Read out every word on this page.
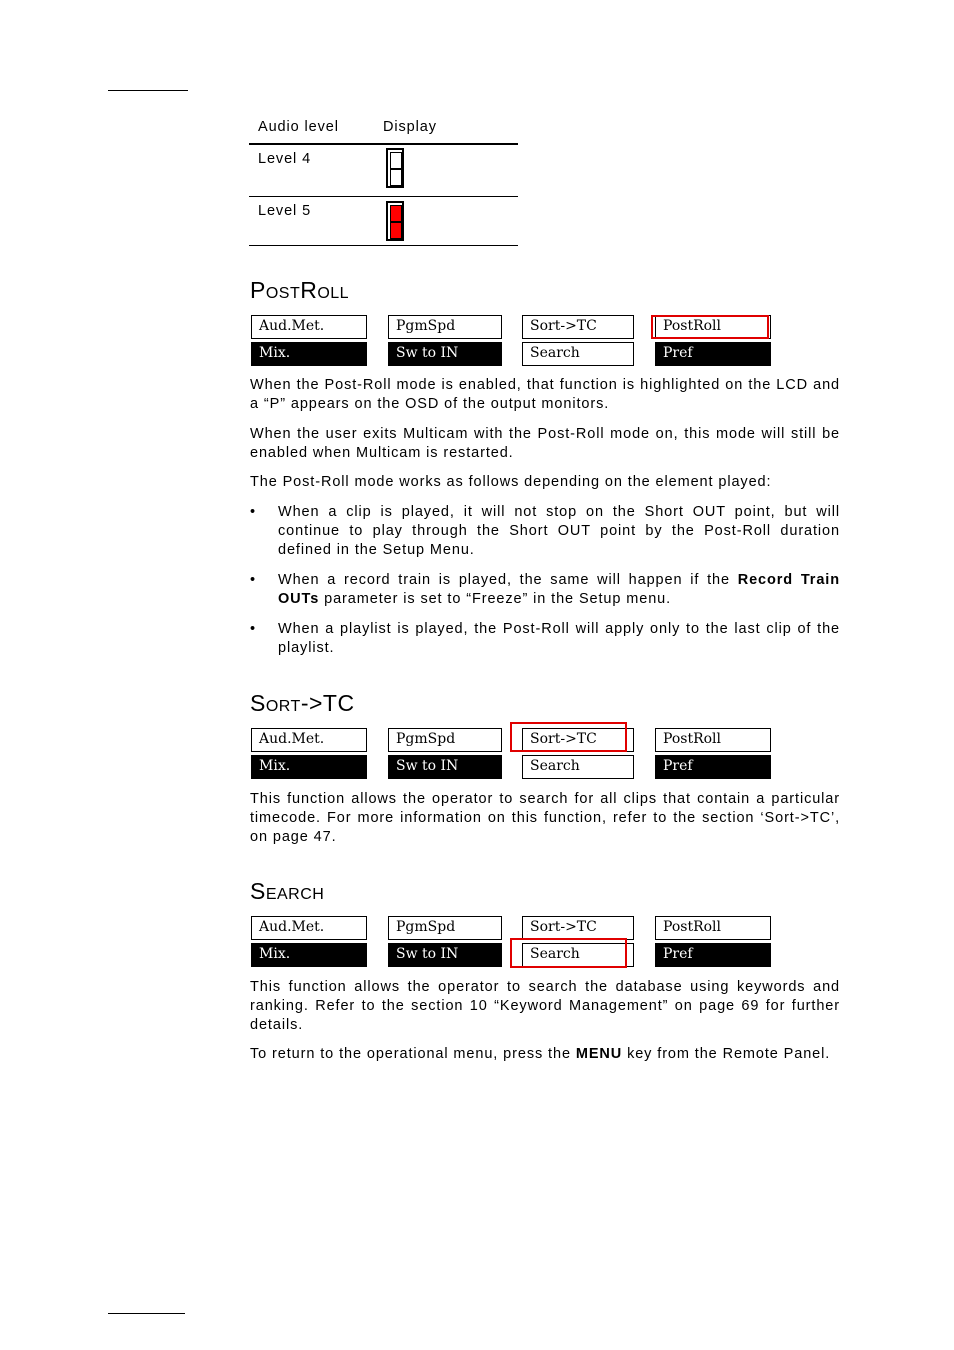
Audio level	Display
Level 4
Level 5
PostRoll
Aud.Met.	PgmSpd	Sort->TC	PostRoll
Mix.	Sw to IN	Search	Pref

When the Post-Roll mode is enabled, that function is highlighted on the LCD and a “P” appears on the OSD of the output monitors.

When the user exits Multicam with the Post-Roll mode on, this mode will still be enabled when Multicam is restarted.

The Post-Roll mode works as follows depending on the element played:

• When a clip is played, it will not stop on the Short OUT point, but will continue to play through the Short OUT point by the Post-Roll duration defined in the Setup Menu.
• When a record train is played, the same will happen if the Record Train OUTs parameter is set to “Freeze” in the Setup menu.
• When a playlist is played, the Post-Roll will apply only to the last clip of the playlist.
Sort->TC
Aud.Met.	PgmSpd	Sort->TC	PostRoll
Mix.	Sw to IN	Search	Pref

This function allows the operator to search for all clips that contain a particular timecode. For more information on this function, refer to the section ‘Sort->TC’, on page 47.

Search
Aud.Met.	PgmSpd	Sort->TC	PostRoll
Mix.	Sw to IN	Search	Pref

This function allows the operator to search the database using keywords and ranking. Refer to the section 10 “Keyword Management” on page 69 for further details.

To return to the operational menu, press the MENU key from the Remote Panel.
